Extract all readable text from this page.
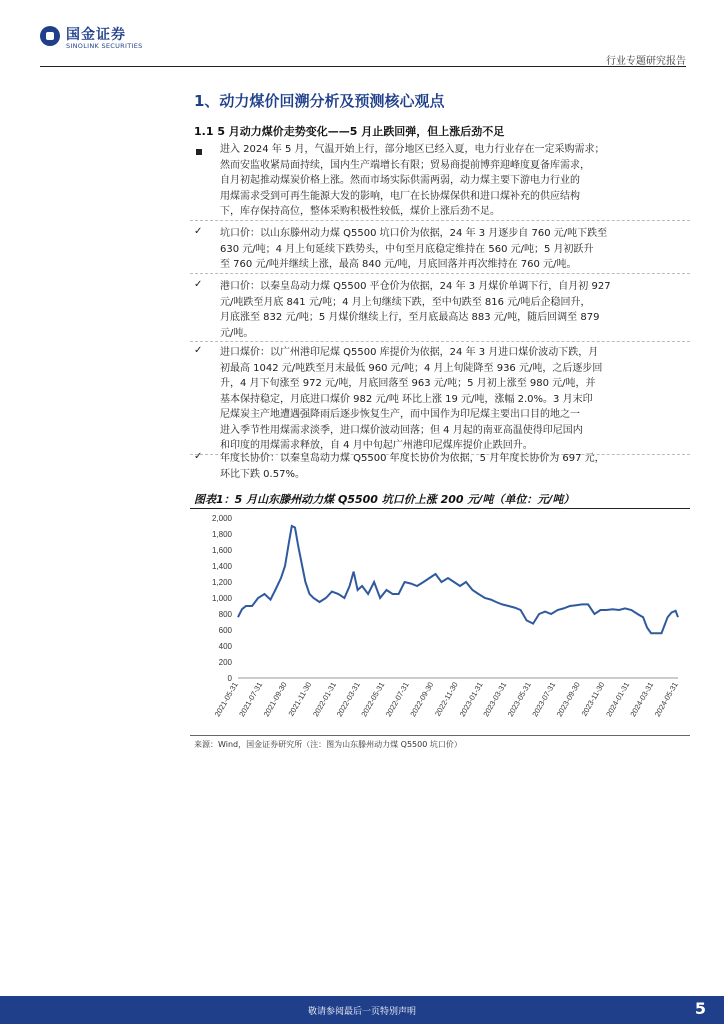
国金证券
SINOLINK SECURITIES
行业专题研究报告
1、动力煤价回溯分析及预测核心观点
1.1 5 月动力煤价走势变化——5 月止跌回弹，但上涨后劲不足
进入 2024 年 5 月，气温开始上行，部分地区已经入夏，电力行业存在一定采购需求；
然而安监收紧局面持续，国内生产端增长有限；贸易商提前博弈迎峰度夏备库需求，
自月初起推动煤炭价格上涨。然而市场实际供需两弱，动力煤主要下游电力行业的
用煤需求受到可再生能源大发的影响，电厂在长协煤保供和进口煤补充的供应结构
下，库存保持高位，整体采购积极性较低，煤价上涨后劲不足。
✓ 坑口价：以山东滕州动力煤 Q5500 坑口价为依据，24 年 3 月逐步自 760 元/吨下跌至
630 元/吨；4 月上旬延续下跌势头，中旬至月底稳定维持在 560 元/吨；5 月初跃升
至 760 元/吨并继续上涨，最高 840 元/吨，月底回落并再次维持在 760 元/吨。
✓ 港口价：以秦皇岛动力煤 Q5500 平仓价为依据，24 年 3 月煤价单调下行，自月初 927
元/吨跌至月底 841 元/吨；4 月上旬继续下跌，至中旬跌至 816 元/吨后企稳回升，
月底涨至 832 元/吨；5 月煤价继续上行，至月底最高达 883 元/吨，随后回调至 879
元/吨。
✓ 进口煤价：以广州港印尼煤 Q5500 库提价为依据，24 年 3 月进口煤价波动下跌，月
初最高 1042 元/吨跌至月末最低 960 元/吨；4 月上旬陡降至 936 元/吨，之后逐步回
升，4 月下旬涨至 972 元/吨，月底回落至 963 元/吨；5 月初上涨至 980 元/吨，并
基本保持稳定，月底进口煤价 982 元/吨 环比上涨 19 元/吨，涨幅 2.0%。3 月末印
尼煤炭主产地遭遇强降雨后逐步恢复生产，而中国作为印尼煤主要出口目的地之一
进入季节性用煤需求淡季，进口煤价波动回落；但 4 月起的南亚高温使得印尼国内
和印度的用煤需求释放，自 4 月中旬起广州港印尼煤库提价止跌回升。
✓ 年度长协价：以秦皇岛动力煤 Q5500 年度长协价为依据，5 月年度长协价为 697 元，
环比下跌 0.57%。
图表1：5 月山东滕州动力煤 Q5500 坑口价上涨 200 元/吨（单位：元/吨）
0
200
400
600
800
1,000
1,200
1,400
1,600
1,800
2,000
2021-05-31
2021-07-31
2021-09-30
2021-11-30
2022-01-31
2022-03-31
2022-05-31
2022-07-31
2022-09-30
2022-11-30
2023-01-31
2023-03-31
2023-05-31
2023-07-31
2023-09-30
2023-11-30
2024-01-31
2024-03-31
2024-05-31
来源：Wind，国金证券研究所（注：图为山东滕州动力煤 Q5500 坑口价）
敬请参阅最后一页特别声明	5
